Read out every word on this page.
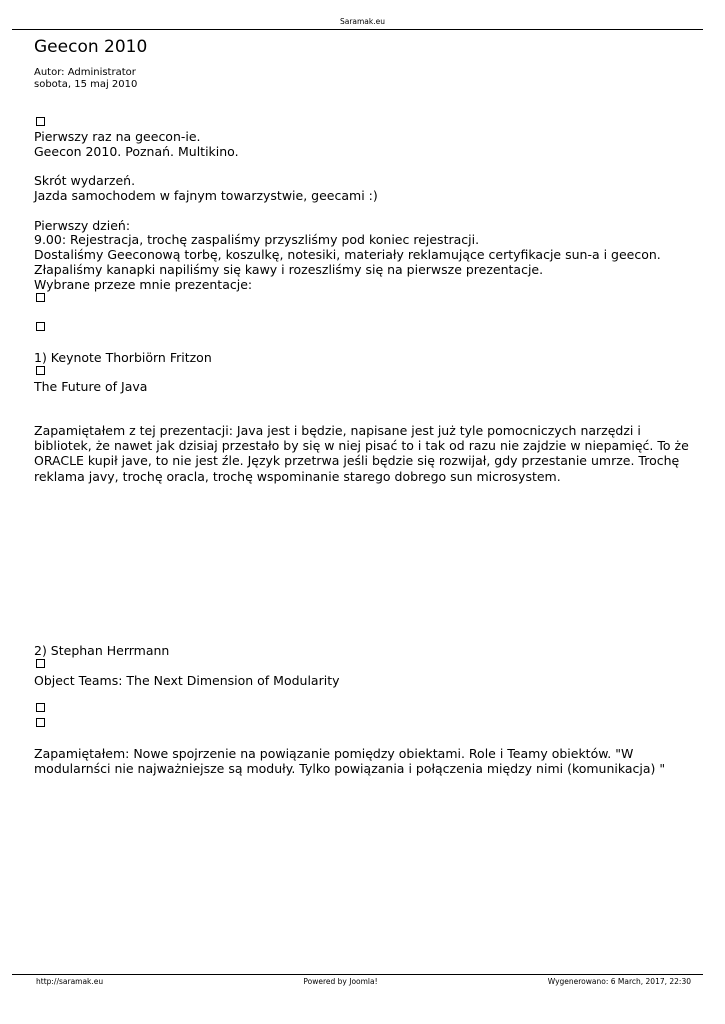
Saramak.eu
Geecon 2010
Autor: Administrator
sobota, 15 maj 2010
Pierwszy raz na geecon-ie.
Geecon 2010. Poznań. Multikino.
Skrót wydarzeń.
Jazda samochodem w fajnym towarzystwie, geecami :)
Pierwszy dzień:
9.00: Rejestracja, trochę zaspaliśmy przyszliśmy pod koniec rejestracji.
Dostaliśmy Geeconową torbę, koszulkę, notesiki, materiały reklamujące certyfikacje sun-a i geecon.
Złapaliśmy kanapki napiliśmy się kawy i rozeszliśmy się na pierwsze prezentacje.
Wybrane przeze mnie prezentacje:
1) Keynote Thorbiörn Fritzon
The Future of Java
Zapamiętałem z tej prezentacji: Java jest i będzie, napisane jest już tyle pomocniczych narzędzi i bibliotek, że nawet jak dzisiaj przestało by się w niej pisać to i tak od razu nie zajdzie w niepamięć. To że ORACLE kupił jave, to nie jest źle. Język przetrwa jeśli będzie się rozwijał, gdy przestanie umrze. Trochę reklama javy, trochę oracla, trochę wspominanie starego dobrego sun microsystem.
2) Stephan Herrmann
Object Teams: The Next Dimension of Modularity
Zapamiętałem: Nowe spojrzenie na powiązanie pomiędzy obiektami. Role i Teamy obiektów. "W modularnści nie najważniejsze są moduły. Tylko powiązania i połączenia między nimi (komunikacja) "
http://saramak.eu	Powered by Joomla!	Wygenerowano: 6 March, 2017, 22:30
